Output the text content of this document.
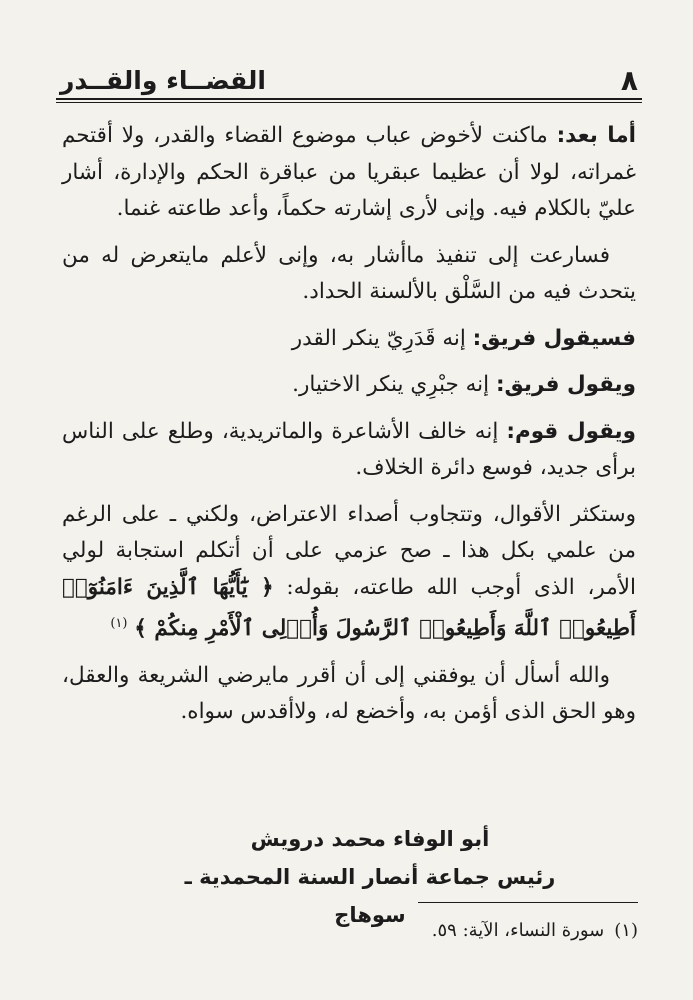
القضــاء والقــدر	٨

أما بعد: ماكنت لأخوض عباب موضوع القضاء والقدر، ولا أقتحم غمراته، لولا أن عظيما عبقريا من عباقرة الحكم والإدارة، أشار عليّ بالكلام فيه. وإنى لأرى إشارته حكماً، وأعد طاعته غنما.

فسارعت إلى تنفيذ ماأشار به، وإنى لأعلم مايتعرض له من يتحدث فيه من السَّلْق بالألسنة الحداد.

فسيقول فريق: إنه قَدَرِيّ ينكر القدر

ويقول فريق: إنه جبْرِي ينكر الاختيار.

ويقول قوم: إنه خالف الأشاعرة والماتريدية، وطلع على الناس برأى جديد، فوسع دائرة الخلاف.

وستكثر الأقوال، وتتجاوب أصداء الاعتراض، ولكني ـ على الرغم من علمي بكل هذا ـ صح عزمي على أن أتكلم استجابة لولي الأمر، الذى أوجب الله طاعته، بقوله: ﴿ يَٰٓأَيُّهَا ٱلَّذِينَ ءَامَنُوٓا۟ أَطِيعُوا۟ ٱللَّهَ وَأَطِيعُوا۟ ٱلرَّسُولَ وَأُو۟لِى ٱلْأَمْرِ مِنكُمْ ﴾ $^{(١)}$

والله أسأل أن يوفقني إلى أن أقرر مايرضي الشريعة والعقل، وهو الحق الذى أؤمن به، وأخضع له، ولاأقدس سواه.

أبو الوفاء محمد درويش
رئيس جماعة أنصار السنة المحمدية ـ سوهاج
(١)سورة النساء، الآية: ٥٩.
